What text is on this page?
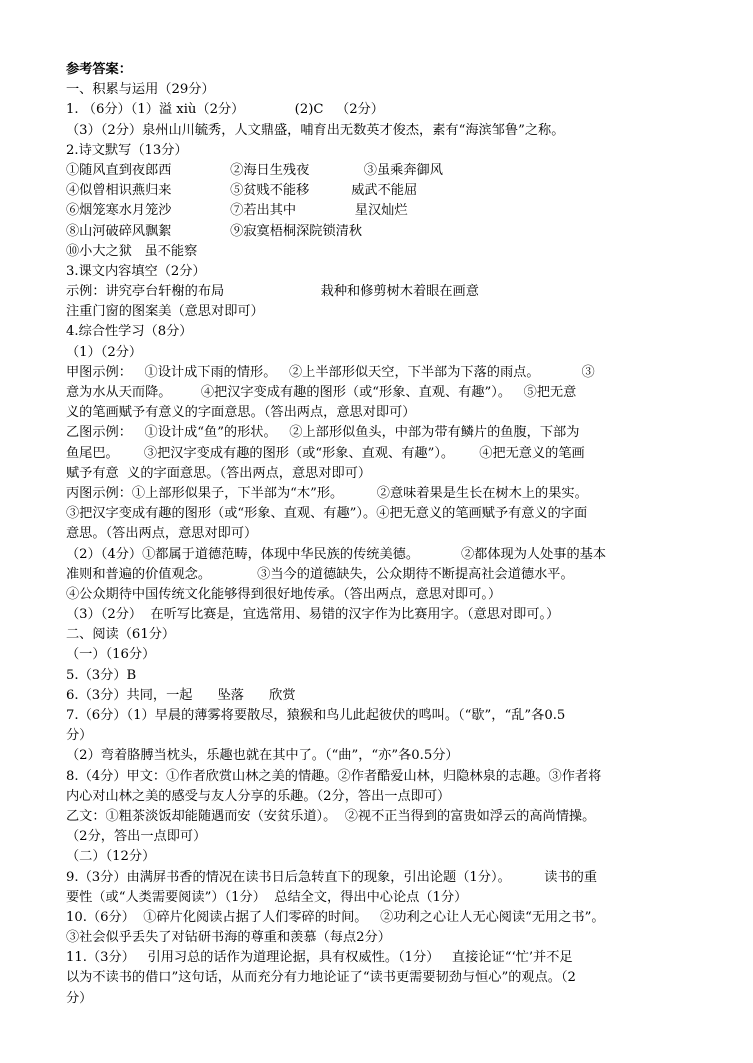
参考答案：
一、积累与运用（29分）
1. （6分）（1）溢 xiù（2分）            (2)C   （2分）
（3）（2分）泉州山川毓秀，人文鼎盛，哺育出无数英才俊杰，素有“海滨邹鲁”之称。
2.诗文默写（13分）
①随风直到夜郎西              ②海日生残夜             ③虽乘奔御风
④似曾相识燕归来              ⑤贫贱不能移          威武不能屈
⑥烟笼寒水月笼沙              ⑦若出其中              星汉灿烂
⑧山河破碎风飘絮              ⑨寂寞梧桐深院锁清秋
⑩小大之狱   虽不能察
3.课文内容填空（2分）
示例：讲究亭台轩榭的布局                       栽种和修剪树木着眼在画意
注重门窗的图案美（意思对即可）
4.综合性学习（8分）
（1）（2分）
甲图示例：   ①设计成下雨的情形。   ②上半部形似天空，下半部为下落的雨点。          ③
意为水从天而降。       ④把汉字变成有趣的图形（或“形象、直观、有趣”）。   ⑤把无意
义的笔画赋予有意义的字面意思。（答出两点，意思对即可）
乙图示例：   ①设计成“鱼”的形状。   ②上部形似鱼头，中部为带有鳞片的鱼腹，下部为
鱼尾巴。      ③把汉字变成有趣的图形（或“形象、直观、有趣”）。      ④把无意义的笔画
赋予有意  义的字面意思。（答出两点，意思对即可）
丙图示例：①上部形似果子，下半部为“木”形。        ②意味着果是生长在树木上的果实。
③把汉字变成有趣的图形（或“形象、直观、有趣”）。④把无意义的笔画赋予有意义的字面
意思。（答出两点，意思对即可）
（2）（4分）①都属于道德范畴，体现中华民族的传统美德。          ②都体现为人处事的基本
准则和普遍的价值观念。           ③当今的道德缺失，公众期待不断提高社会道德水平。
④公众期待中国传统文化能够得到很好地传承。（答出两点，意思对即可。）
（3）（2分）  在听写比赛是，宜选常用、易错的汉字作为比赛用字。（意思对即可。）
二、阅读（61分）
（一）（16分）
5.（3分）B
6.（3分）共同，一起      坠落      欣赏
7.（6分）（1）早晨的薄雾将要散尽，猿猴和鸟儿此起彼伏的鸣叫。（“歇”，“乱”各0.5
分）
（2）弯着胳膊当枕头，乐趣也就在其中了。（“曲”，“亦”各0.5分）
8.（4分）甲文：①作者欣赏山林之美的情趣。②作者酷爱山林，归隐林泉的志趣。③作者将
内心对山林之美的感受与友人分享的乐趣。（2分，答出一点即可）
乙文：①粗茶淡饭却能随遇而安（安贫乐道）。  ②视不正当得到的富贵如浮云的高尚情操。
（2分，答出一点即可）
（二）（12分）
9.（3分）由满屏书香的情况在读书日后急转直下的现象，引出论题（1分）。        读书的重
要性（或“人类需要阅读”）（1分）  总结全文，得出中心论点（1分）
10.（6分）  ①碎片化阅读占据了人们零碎的时间。   ②功利之心让人无心阅读“无用之书”。
③社会似乎丢失了对钻研书海的尊重和羡慕（每点2分）
11.（3分）   引用习总的话作为道理论据，具有权威性。（1分）   直接论证“‘忙’并不足
以为不读书的借口”这句话，从而充分有力地论证了“读书更需要韧劲与恒心”的观点。（2
分）
